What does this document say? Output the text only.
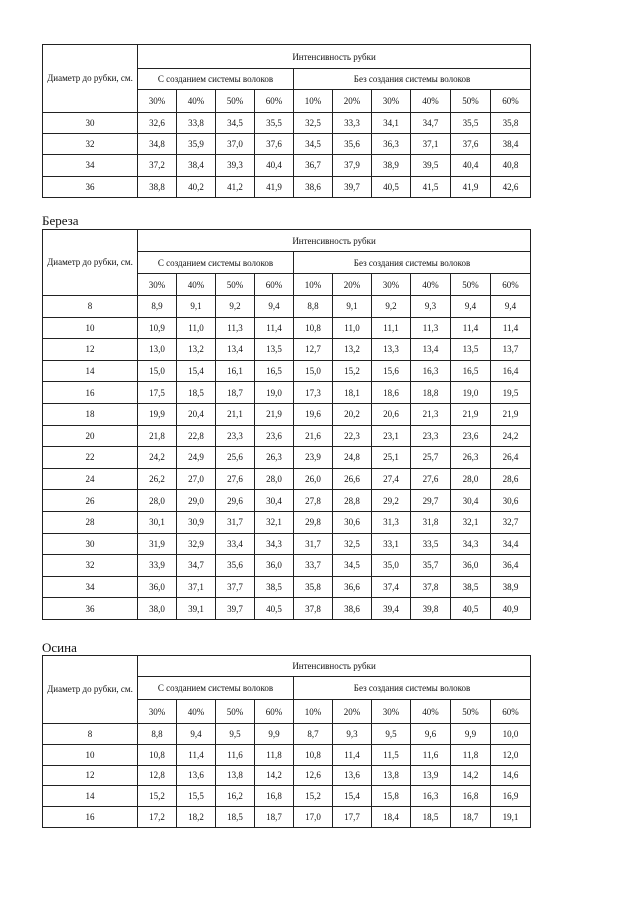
Береза
Осина
Диаметр до рубки, см.	Интенсивность рубки									
	С созданием системы волоков				Без создания системы волоков					
	30%	40%	50%	60%	10%	20%	30%	40%	50%	60%
30	32,6	33,8	34,5	35,5	32,5	33,3	34,1	34,7	35,5	35,8
32	34,8	35,9	37,0	37,6	34,5	35,6	36,3	37,1	37,6	38,4
34	37,2	38,4	39,3	40,4	36,7	37,9	38,9	39,5	40,4	40,8
36	38,8	40,2	41,2	41,9	38,6	39,7	40,5	41,5	41,9	42,6
Диаметр до рубки, см.	Интенсивность рубки									
	С созданием системы волоков				Без создания системы волоков					
	30%	40%	50%	60%	10%	20%	30%	40%	50%	60%
8	8,9	9,1	9,2	9,4	8,8	9,1	9,2	9,3	9,4	9,4
10	10,9	11,0	11,3	11,4	10,8	11,0	11,1	11,3	11,4	11,4
12	13,0	13,2	13,4	13,5	12,7	13,2	13,3	13,4	13,5	13,7
14	15,0	15,4	16,1	16,5	15,0	15,2	15,6	16,3	16,5	16,4
16	17,5	18,5	18,7	19,0	17,3	18,1	18,6	18,8	19,0	19,5
18	19,9	20,4	21,1	21,9	19,6	20,2	20,6	21,3	21,9	21,9
20	21,8	22,8	23,3	23,6	21,6	22,3	23,1	23,3	23,6	24,2
22	24,2	24,9	25,6	26,3	23,9	24,8	25,1	25,7	26,3	26,4
24	26,2	27,0	27,6	28,0	26,0	26,6	27,4	27,6	28,0	28,6
26	28,0	29,0	29,6	30,4	27,8	28,8	29,2	29,7	30,4	30,6
28	30,1	30,9	31,7	32,1	29,8	30,6	31,3	31,8	32,1	32,7
30	31,9	32,9	33,4	34,3	31,7	32,5	33,1	33,5	34,3	34,4
32	33,9	34,7	35,6	36,0	33,7	34,5	35,0	35,7	36,0	36,4
34	36,0	37,1	37,7	38,5	35,8	36,6	37,4	37,8	38,5	38,9
36	38,0	39,1	39,7	40,5	37,8	38,6	39,4	39,8	40,5	40,9
Диаметр до рубки, см.	Интенсивность рубки									
	С созданием системы волоков				Без создания системы волоков					
	30%	40%	50%	60%	10%	20%	30%	40%	50%	60%
8	8,8	9,4	9,5	9,9	8,7	9,3	9,5	9,6	9,9	10,0
10	10,8	11,4	11,6	11,8	10,8	11,4	11,5	11,6	11,8	12,0
12	12,8	13,6	13,8	14,2	12,6	13,6	13,8	13,9	14,2	14,6
14	15,2	15,5	16,2	16,8	15,2	15,4	15,8	16,3	16,8	16,9
16	17,2	18,2	18,5	18,7	17,0	17,7	18,4	18,5	18,7	19,1
